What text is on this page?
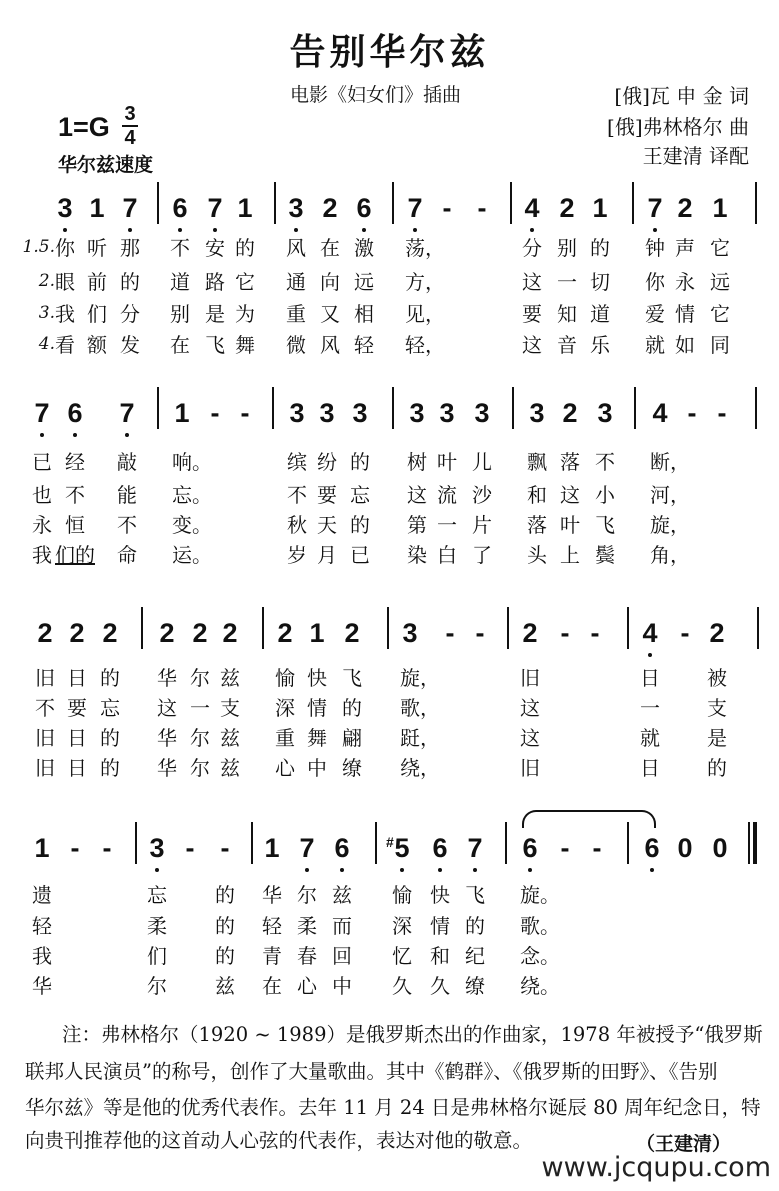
告别华尔兹
电影《妇女们》插曲	[俄]瓦 申 金 词
[俄]弗林格尔 曲
王建清 译配
1=G 3
4
华尔兹速度
3 1 7 6 7 1 3 2 6 7 - - 4 2 1 7 2 1
1.5. 你 听 那 不 安 的 风 在 激 荡，	分 别 的 钟 声 它
2. 眼 前 的 道 路 它 通 向 远 方，	这 一 切 你 永 远
3. 我 们 分 别 是 为 重 又 相 见，	要 知 道 爱 情 它
4. 看 额 发 在 飞 舞 微 风 轻 轻，	这 音 乐 就 如 同
7 6 7 1 - - 3 3 3 3 3 3 3 2 3 4 - -
已 经 敲 响。	缤 纷 的 树 叶 儿 飘 落 不 断，
也 不 能 忘。	不 要 忘 这 流 沙 和 这 小 河，
永 恒 不 变。	秋 天 的 第 一 片 落 叶 飞 旋，
我 们的 命 运。	岁 月 已 染 白 了 头 上 鬓 角，
2 2 2 2 2 2 2 1 2 3 - - 2 - - 4 - 2
旧 日 的 华 尔 兹 愉 快 飞 旋，	旧	日 被
不 要 忘 这 一 支 深 情 的 歌，	这	一 支
旧 日 的 华 尔 兹 重 舞 翩 跹，	这	就 是
旧 日 的 华 尔 兹 心 中 缭 绕，	旧	日 的
1 - - 3 - - 1 7 6 # 5 6 7 6 - - 6 0 0
遗	忘 的 华 尔 兹 愉 快 飞 旋。
轻	柔 的 轻 柔 而 深 情 的 歌。
我	们 的 青 春 回 忆 和 纪 念。
华	尔 兹 在 心 中 久 久 缭 绕。
注：弗林格尔（1920 ~ 1989）是俄罗斯杰出的作曲家，1978 年被授予“俄罗斯
联邦人民演员”的称号，创作了大量歌曲。其中《鹤群》、《俄罗斯的田野》、《告别
华尔兹》等是他的优秀代表作。去年 11 月 24 日是弗林格尔诞辰 80 周年纪念日，特
向贵刊推荐他的这首动人心弦的代表作，表达对他的敬意。	（王建清）
www.jcqupu.com
